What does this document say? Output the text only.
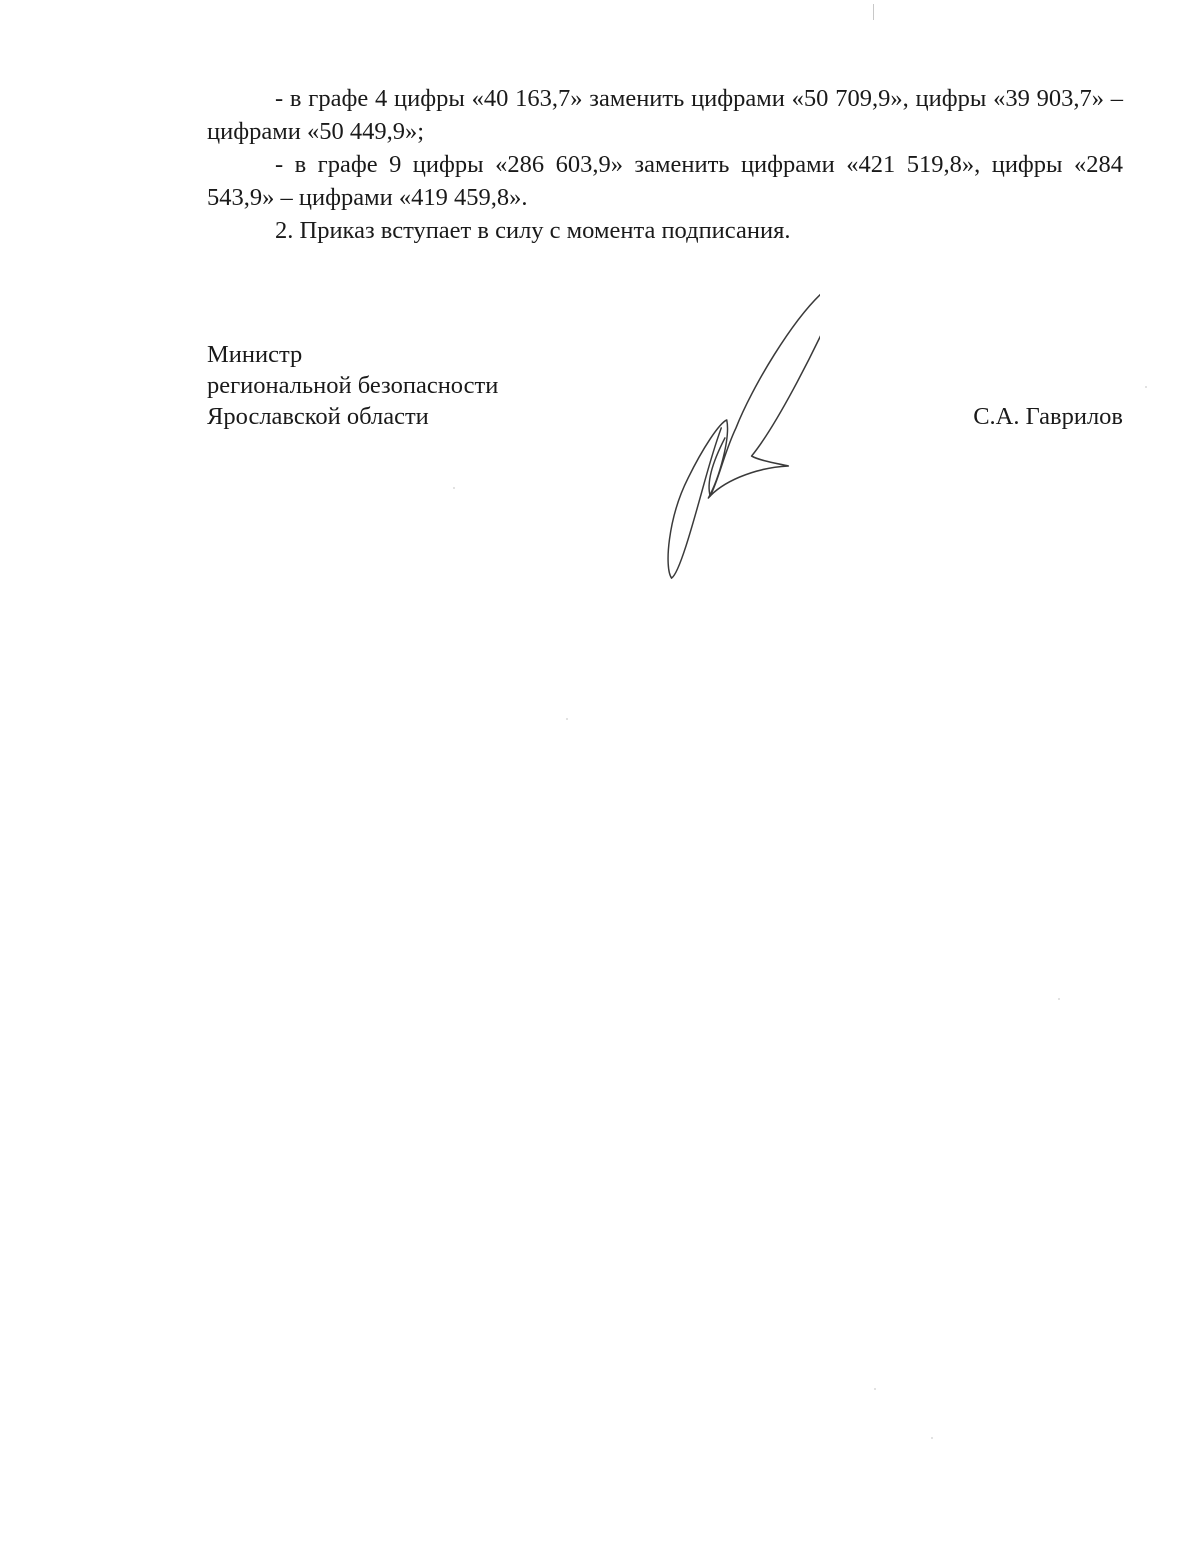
- в графе 4 цифры «40 163,7» заменить цифрами «50 709,9», цифры «39 903,7» – цифрами «50 449,9»;

- в графе 9 цифры «286 603,9» заменить цифрами «421 519,8», цифры «284 543,9» – цифрами «419 459,8».

2. Приказ вступает в силу с момента подписания.

Министр
региональной безопасности
Ярославской области	С.А. Гаврилов
